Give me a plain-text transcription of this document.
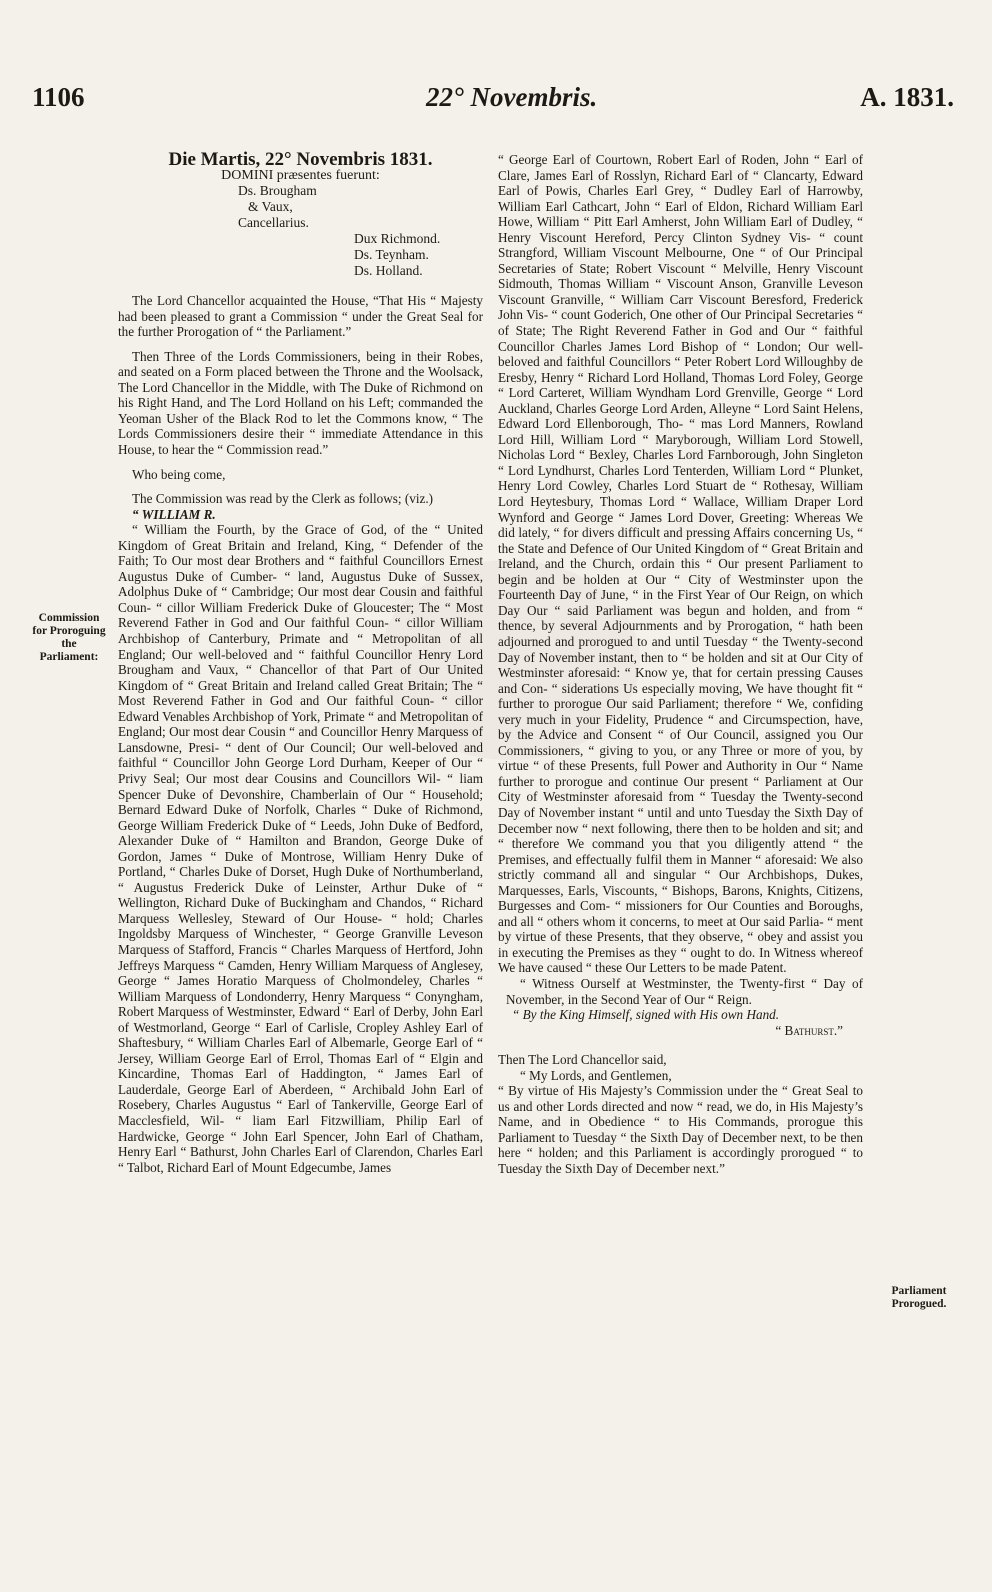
1106	22° Novembris.	A. 1831.
Commission for Proroguing the Parliament:
Parliament Prorogued.

Die Martis, 22° Novembris 1831.

DOMINI præsentes fuerunt:

Ds. Brougham

& Vaux,

Cancellarius.

Dux Richmond.

Ds. Teynham.

Ds. Holland.

The Lord Chancellor acquainted the House, “That His “ Majesty had been pleased to grant a Commission “ under the Great Seal for the further Prorogation of “ the Parliament.”

Then Three of the Lords Commissioners, being in their Robes, and seated on a Form placed between the Throne and the Woolsack, The Lord Chancellor in the Middle, with The Duke of Richmond on his Right Hand, and The Lord Holland on his Left; commanded the Yeoman Usher of the Black Rod to let the Commons know, “ The Lords Commissioners desire their “ immediate Attendance in this House, to hear the “ Commission read.”

Who being come,

The Commission was read by the Clerk as follows; (viz.)

“ WILLIAM R.

“ William the Fourth, by the Grace of God, of the “ United Kingdom of Great Britain and Ireland, King, “ Defender of the Faith; To Our most dear Brothers and “ faithful Councillors Ernest Augustus Duke of Cumber- “ land, Augustus Duke of Sussex, Adolphus Duke of “ Cambridge; Our most dear Cousin and faithful Coun- “ cillor William Frederick Duke of Gloucester; The “ Most Reverend Father in God and Our faithful Coun- “ cillor William Archbishop of Canterbury, Primate and “ Metropolitan of all England; Our well-beloved and “ faithful Councillor Henry Lord Brougham and Vaux, “ Chancellor of that Part of Our United Kingdom of “ Great Britain and Ireland called Great Britain; The “ Most Reverend Father in God and Our faithful Coun- “ cillor Edward Venables Archbishop of York, Primate “ and Metropolitan of England; Our most dear Cousin “ and Councillor Henry Marquess of Lansdowne, Presi- “ dent of Our Council; Our well-beloved and faithful “ Councillor John George Lord Durham, Keeper of Our “ Privy Seal; Our most dear Cousins and Councillors Wil- “ liam Spencer Duke of Devonshire, Chamberlain of Our “ Household; Bernard Edward Duke of Norfolk, Charles “ Duke of Richmond, George William Frederick Duke of “ Leeds, John Duke of Bedford, Alexander Duke of “ Hamilton and Brandon, George Duke of Gordon, James “ Duke of Montrose, William Henry Duke of Portland, “ Charles Duke of Dorset, Hugh Duke of Northumberland, “ Augustus Frederick Duke of Leinster, Arthur Duke of “ Wellington, Richard Duke of Buckingham and Chandos, “ Richard Marquess Wellesley, Steward of Our House- “ hold; Charles Ingoldsby Marquess of Winchester, “ George Granville Leveson Marquess of Stafford, Francis “ Charles Marquess of Hertford, John Jeffreys Marquess “ Camden, Henry William Marquess of Anglesey, George “ James Horatio Marquess of Cholmondeley, Charles “ William Marquess of Londonderry, Henry Marquess “ Conyngham, Robert Marquess of Westminster, Edward “ Earl of Derby, John Earl of Westmorland, George “ Earl of Carlisle, Cropley Ashley Earl of Shaftesbury, “ William Charles Earl of Albemarle, George Earl of “ Jersey, William George Earl of Errol, Thomas Earl of “ Elgin and Kincardine, Thomas Earl of Haddington, “ James Earl of Lauderdale, George Earl of Aberdeen, “ Archibald John Earl of Rosebery, Charles Augustus “ Earl of Tankerville, George Earl of Macclesfield, Wil- “ liam Earl Fitzwilliam, Philip Earl of Hardwicke, George “ John Earl Spencer, John Earl of Chatham, Henry Earl “ Bathurst, John Charles Earl of Clarendon, Charles Earl “ Talbot, Richard Earl of Mount Edgecumbe, James

“ George Earl of Courtown, Robert Earl of Roden, John “ Earl of Clare, James Earl of Rosslyn, Richard Earl of “ Clancarty, Edward Earl of Powis, Charles Earl Grey, “ Dudley Earl of Harrowby, William Earl Cathcart, John “ Earl of Eldon, Richard William Earl Howe, William “ Pitt Earl Amherst, John William Earl of Dudley, “ Henry Viscount Hereford, Percy Clinton Sydney Vis- “ count Strangford, William Viscount Melbourne, One “ of Our Principal Secretaries of State; Robert Viscount “ Melville, Henry Viscount Sidmouth, Thomas William “ Viscount Anson, Granville Leveson Viscount Granville, “ William Carr Viscount Beresford, Frederick John Vis- “ count Goderich, One other of Our Principal Secretaries “ of State; The Right Reverend Father in God and Our “ faithful Councillor Charles James Lord Bishop of “ London; Our well-beloved and faithful Councillors “ Peter Robert Lord Willoughby de Eresby, Henry “ Richard Lord Holland, Thomas Lord Foley, George “ Lord Carteret, William Wyndham Lord Grenville, George “ Lord Auckland, Charles George Lord Arden, Alleyne “ Lord Saint Helens, Edward Lord Ellenborough, Tho- “ mas Lord Manners, Rowland Lord Hill, William Lord “ Maryborough, William Lord Stowell, Nicholas Lord “ Bexley, Charles Lord Farnborough, John Singleton “ Lord Lyndhurst, Charles Lord Tenterden, William Lord “ Plunket, Henry Lord Cowley, Charles Lord Stuart de “ Rothesay, William Lord Heytesbury, Thomas Lord “ Wallace, William Draper Lord Wynford and George “ James Lord Dover, Greeting: Whereas We did lately, “ for divers difficult and pressing Affairs concerning Us, “ the State and Defence of Our United Kingdom of “ Great Britain and Ireland, and the Church, ordain this “ Our present Parliament to begin and be holden at Our “ City of Westminster upon the Fourteenth Day of June, “ in the First Year of Our Reign, on which Day Our “ said Parliament was begun and holden, and from “ thence, by several Adjournments and by Prorogation, “ hath been adjourned and prorogued to and until Tuesday “ the Twenty-second Day of November instant, then to “ be holden and sit at Our City of Westminster aforesaid: “ Know ye, that for certain pressing Causes and Con- “ siderations Us especially moving, We have thought fit “ further to prorogue Our said Parliament; therefore “ We, confiding very much in your Fidelity, Prudence “ and Circumspection, have, by the Advice and Consent “ of Our Council, assigned you Our Commissioners, “ giving to you, or any Three or more of you, by virtue “ of these Presents, full Power and Authority in Our “ Name further to prorogue and continue Our present “ Parliament at Our City of Westminster aforesaid from “ Tuesday the Twenty-second Day of November instant “ until and unto Tuesday the Sixth Day of December now “ next following, there then to be holden and sit; and “ therefore We command you that you diligently attend “ the Premises, and effectually fulfil them in Manner “ aforesaid: We also strictly command all and singular “ Our Archbishops, Dukes, Marquesses, Earls, Viscounts, “ Bishops, Barons, Knights, Citizens, Burgesses and Com- “ missioners for Our Counties and Boroughs, and all “ others whom it concerns, to meet at Our said Parlia- “ ment by virtue of these Presents, that they observe, “ obey and assist you in executing the Premises as they “ ought to do. In Witness whereof We have caused “ these Our Letters to be made Patent.

“ Witness Ourself at Westminster, the Twenty-first “ Day of November, in the Second Year of Our “ Reign.

“ By the King Himself, signed with His own Hand.

“ Bathurst.”

Then The Lord Chancellor said,

“ My Lords, and Gentlemen,

“ By virtue of His Majesty’s Commission under the “ Great Seal to us and other Lords directed and now “ read, we do, in His Majesty’s Name, and in Obedience “ to His Commands, prorogue this Parliament to Tuesday “ the Sixth Day of December next, to be then here “ holden; and this Parliament is accordingly prorogued “ to Tuesday the Sixth Day of December next.”
